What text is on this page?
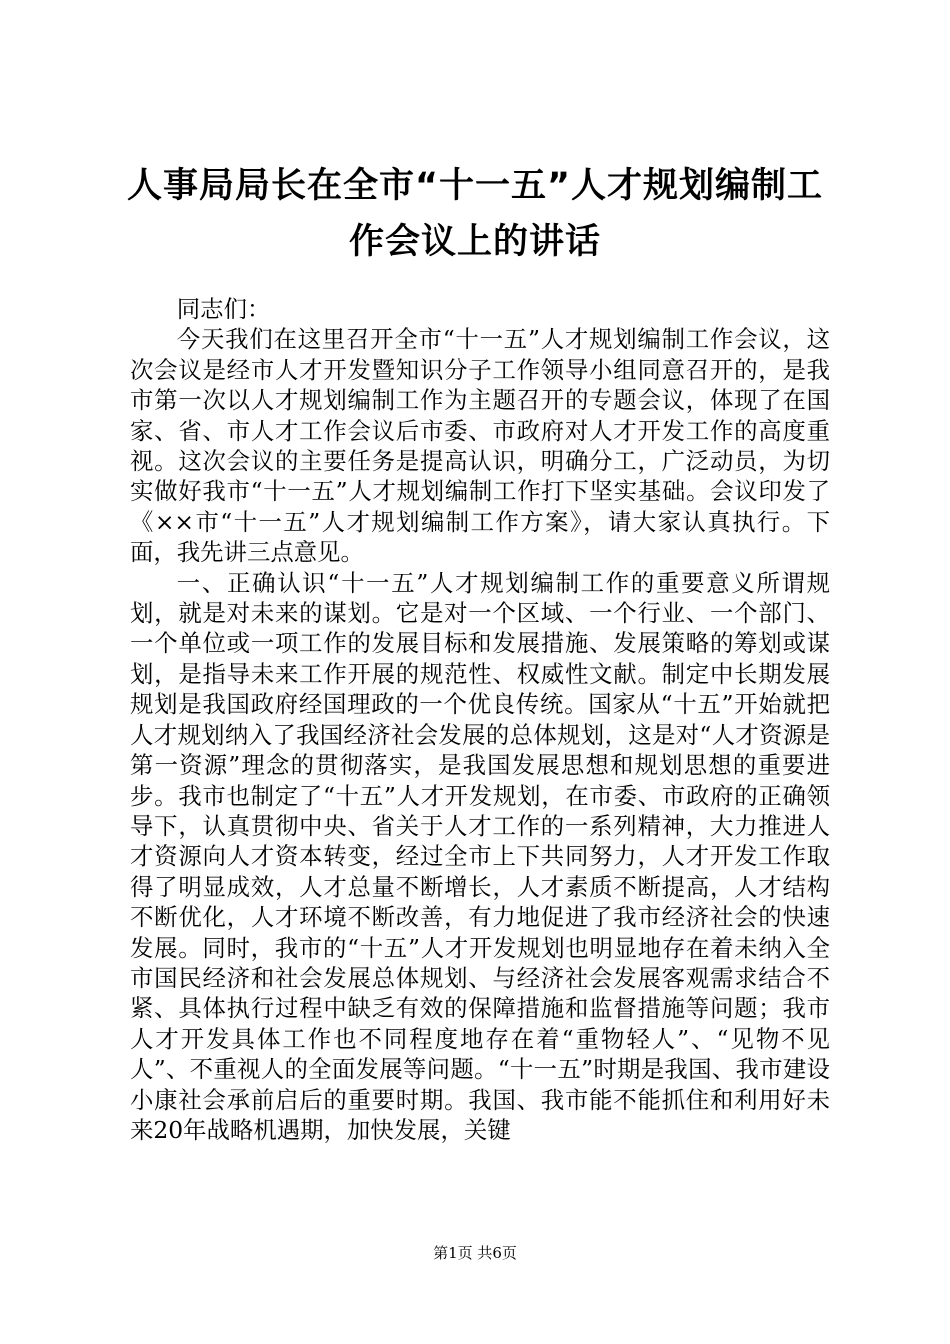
人事局局长在全市“十一五”人才规划编制工
作会议上的讲话

同志们：

今天我们在这里召开全市“十一五”人才规划编制工作会议，这次会议是经市人才开发暨知识分子工作领导小组同意召开的，是我市第一次以人才规划编制工作为主题召开的专题会议，体现了在国家、省、市人才工作会议后市委、市政府对人才开发工作的高度重视。这次会议的主要任务是提高认识，明确分工，广泛动员，为切实做好我市“十一五”人才规划编制工作打下坚实基础。会议印发了《××市“十一五”人才规划编制工作方案》，请大家认真执行。下面，我先讲三点意见。

一、正确认识“十一五”人才规划编制工作的重要意义所谓规划，就是对未来的谋划。它是对一个区域、一个行业、一个部门、一个单位或一项工作的发展目标和发展措施、发展策略的筹划或谋划，是指导未来工作开展的规范性、权威性文献。制定中长期发展规划是我国政府经国理政的一个优良传统。国家从“十五”开始就把人才规划纳入了我国经济社会发展的总体规划，这是对“人才资源是第一资源”理念的贯彻落实，是我国发展思想和规划思想的重要进步。我市也制定了“十五”人才开发规划，在市委、市政府的正确领导下，认真贯彻中央、省关于人才工作的一系列精神，大力推进人才资源向人才资本转变，经过全市上下共同努力，人才开发工作取得了明显成效，人才总量不断增长，人才素质不断提高，人才结构不断优化，人才环境不断改善，有力地促进了我市经济社会的快速发展。同时，我市的“十五”人才开发规划也明显地存在着未纳入全市国民经济和社会发展总体规划、与经济社会发展客观需求结合不紧、具体执行过程中缺乏有效的保障措施和监督措施等问题；我市人才开发具体工作也不同程度地存在着“重物轻人”、“见物不见人”、不重视人的全面发展等问题。“十一五”时期是我国、我市建设小康社会承前启后的重要时期。我国、我市能不能抓住和利用好未来20年战略机遇期，加快发展，关键

第1页 共6页
